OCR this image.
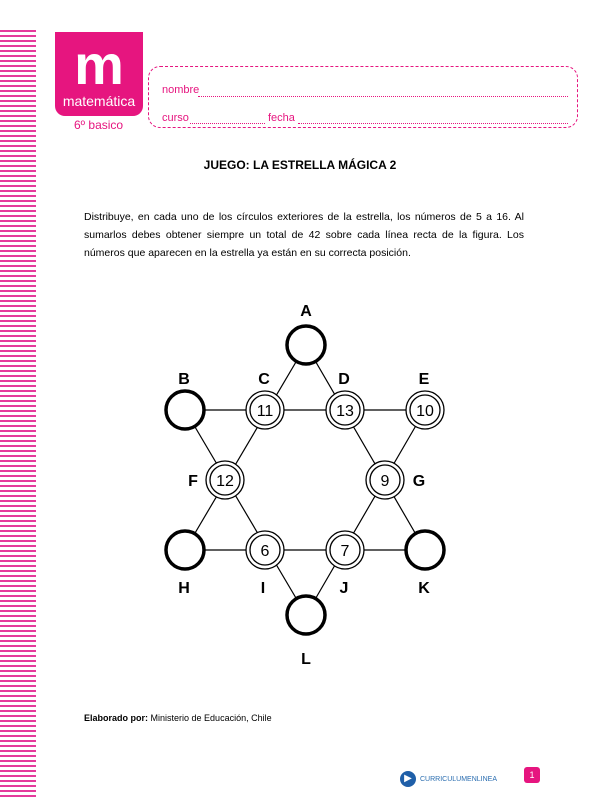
m
matemática
6º basico
nombre
curso	fecha
JUEGO: LA ESTRELLA MÁGICA 2
Distribuye, en cada uno de los círculos exteriores de la estrella, los números de 5 a 16. Al sumarlos debes obtener siempre un total de 42 sobre cada línea recta de la figura. Los números que aparecen en la estrella ya están en su correcta posición.
A
B
11
C
13
D
10
E
12
F	9 G
H
6
I
7
J	K
L
Elaborado por: Ministerio de Educación, Chile
▶	CURRICULUMENLINEA	1
